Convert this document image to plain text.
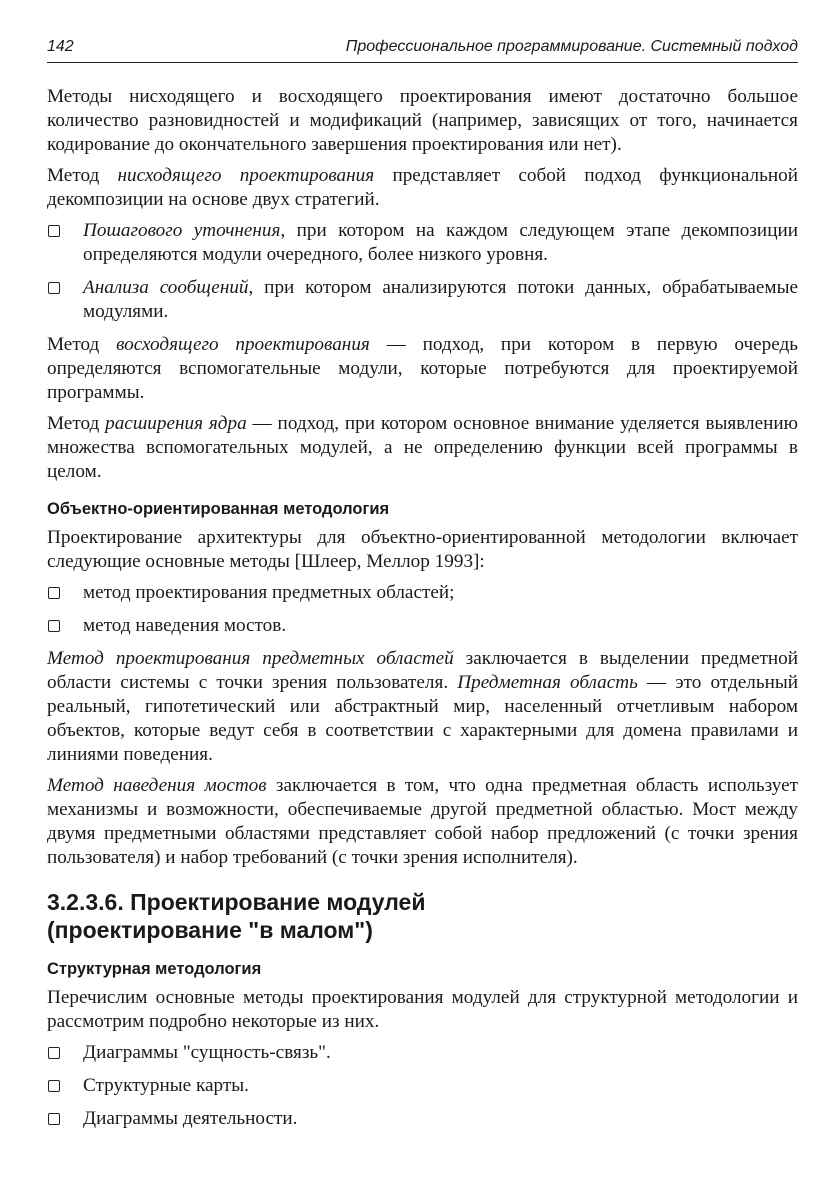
142	Профессиональное программирование. Системный подход

Методы нисходящего и восходящего проектирования имеют достаточно большое количество разновидностей и модификаций (например, зависящих от того, начинается кодирование до окончательного завершения проектирования или нет).

Метод нисходящего проектирования представляет собой подход функциональной декомпозиции на основе двух стратегий.

Пошагового уточнения, при котором на каждом следующем этапе декомпозиции определяются модули очередного, более низкого уровня.
Анализа сообщений, при котором анализируются потоки данных, обрабатываемые модулями.

Метод восходящего проектирования — подход, при котором в первую очередь определяются вспомогательные модули, которые потребуются для проектируемой программы.

Метод расширения ядра — подход, при котором основное внимание уделяется выявлению множества вспомогательных модулей, а не определению функции всей программы в целом.

Объектно-ориентированная методология

Проектирование архитектуры для объектно-ориентированной методологии включает следующие основные методы [Шлеер, Меллор 1993]:

метод проектирования предметных областей;
метод наведения мостов.

Метод проектирования предметных областей заключается в выделении предметной области системы с точки зрения пользователя. Предметная область — это отдельный реальный, гипотетический или абстрактный мир, населенный отчетливым набором объектов, которые ведут себя в соответствии с характерными для домена правилами и линиями поведения.

Метод наведения мостов заключается в том, что одна предметная область использует механизмы и возможности, обеспечиваемые другой предметной областью. Мост между двумя предметными областями представляет собой набор предложений (с точки зрения пользователя) и набор требований (с точки зрения исполнителя).

3.2.3.6. Проектирование модулей
(проектирование "в малом")
Структурная методология

Перечислим основные методы проектирования модулей для структурной методологии и рассмотрим подробно некоторые из них.

Диаграммы "сущность-связь".
Структурные карты.
Диаграммы деятельности.
